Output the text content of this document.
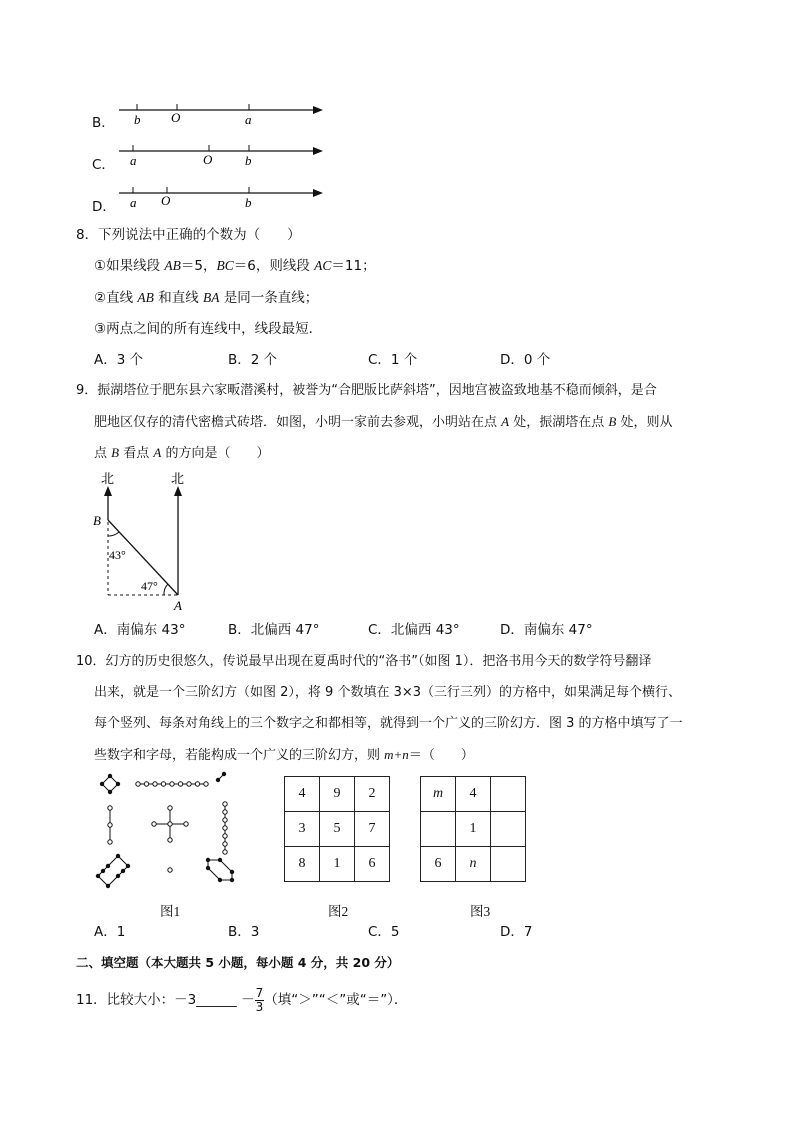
B． b O	a
C． a	O	b
D． a O	b
8．下列说法中正确的个数为（　　）
①如果线段 AB＝5，BC＝6，则线段 AC＝11；
②直线 AB 和直线 BA 是同一条直线；
③两点之间的所有连线中，线段最短．
A．3 个	B．2 个	C．1 个	D．0 个
9．振湖塔位于肥东县六家畈潜溪村，被誉为“合肥版比萨斜塔”，因地宫被盗致地基不稳而倾斜，是合
肥地区仅存的清代密檐式砖塔．如图，小明一家前去参观，小明站在点 A 处，振湖塔在点 B 处，则从
点 B 看点 A 的方向是（　　）
北	北
B
A
43°
47°
A．南偏东 43°	B．北偏西 47°	C．北偏西 43°	D．南偏东 47°
10．幻方的历史很悠久，传说最早出现在夏禹时代的“洛书”（如图 1）．把洛书用今天的数学符号翻译
出来，就是一个三阶幻方（如图 2），将 9 个数填在 3×3（三行三列）的方格中，如果满足每个横行、
每个竖列、每条对角线上的三个数字之和都相等，就得到一个广义的三阶幻方．图 3 的方格中填写了一
些数字和字母，若能构成一个广义的三阶幻方，则 m+n＝（　　）
4	9	2
3	5	7
8	1	6
m	4	
	1	
6	n	
图1	图2	图3
A．1	B．3	C．5	D．7
二、填空题（本大题共 5 小题，每小题 4 分，共 20 分）
11．比较大小：－3______ － $\frac{7}{3}$ （填“＞”“＜”或“＝”）．
